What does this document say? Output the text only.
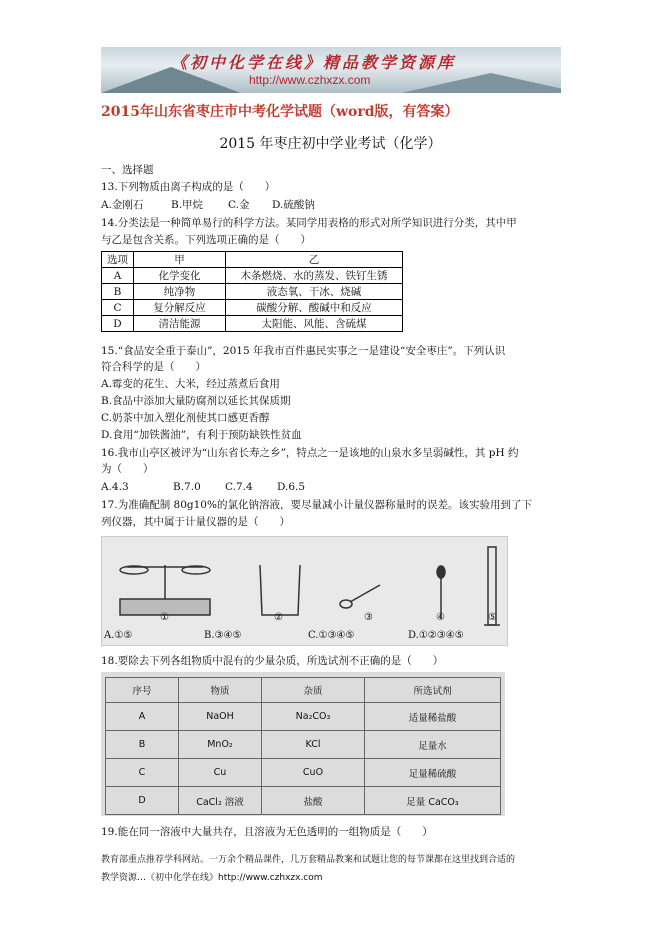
《初中化学在线》精品教学资源库
http://www.czhxzx.com
2015年山东省枣庄市中考化学试题（word版，有答案）
2015 年枣庄初中学业考试（化学）
一、选择题
13.下列物质由离子构成的是（　　）
A.金刚石	B.甲烷 C.金 D.硫酸钠
14.分类法是一种简单易行的科学方法。某同学用表格的形式对所学知识进行分类，其中甲
与乙是包含关系。下列选项正确的是（　　）
选项	甲	乙
A	化学变化	木条燃烧、水的蒸发、铁钉生锈
B	纯净物	液态氧、干冰、烧碱
C	复分解反应	碳酸分解、酸碱中和反应
D	清洁能源	太阳能、风能、含硫煤
15.“食品安全重于泰山”，2015 年我市百件惠民实事之一是建设“安全枣庄”。下列认识
符合科学的是（　　）
A.霉变的花生、大米，经过蒸煮后食用
B.食品中添加大量防腐剂以延长其保质期
C.奶茶中加入塑化剂使其口感更香醇
D.食用“加铁酱油”，有利于预防缺铁性贫血
16.我市山亭区被评为“山东省长寿之乡”，特点之一是该地的山泉水多呈弱碱性，其 pH 约
为（　　）
A.4.3	B.7.0 C.7.4 D.6.5
17.为准确配制 80g10%的氯化钠溶液，要尽量减小计量仪器称量时的误差。该实验用到了下
列仪器，其中属于计量仪器的是（　　）
①	②	③	④	⑤
A.①⑤	B.③④⑤	C.①③④⑤	D.①②③④⑤
18.要除去下列各组物质中混有的少量杂质，所选试剂不正确的是（　　）
序号	物质	杂质	所选试剂
A	NaOH	Na₂CO₃	适量稀盐酸
B	MnO₂	KCl	足量水
C	Cu	CuO	足量稀硫酸
D	CaCl₂ 溶液	盐酸	足量 CaCO₃
19.能在同一溶液中大量共存，且溶液为无色透明的一组物质是（　　）
教育部重点推荐学科网站。一万余个精品课件，几万套精品教案和试题让您的每节课都在这里找到合适的
教学资源…《初中化学在线》http://www.czhxzx.com
